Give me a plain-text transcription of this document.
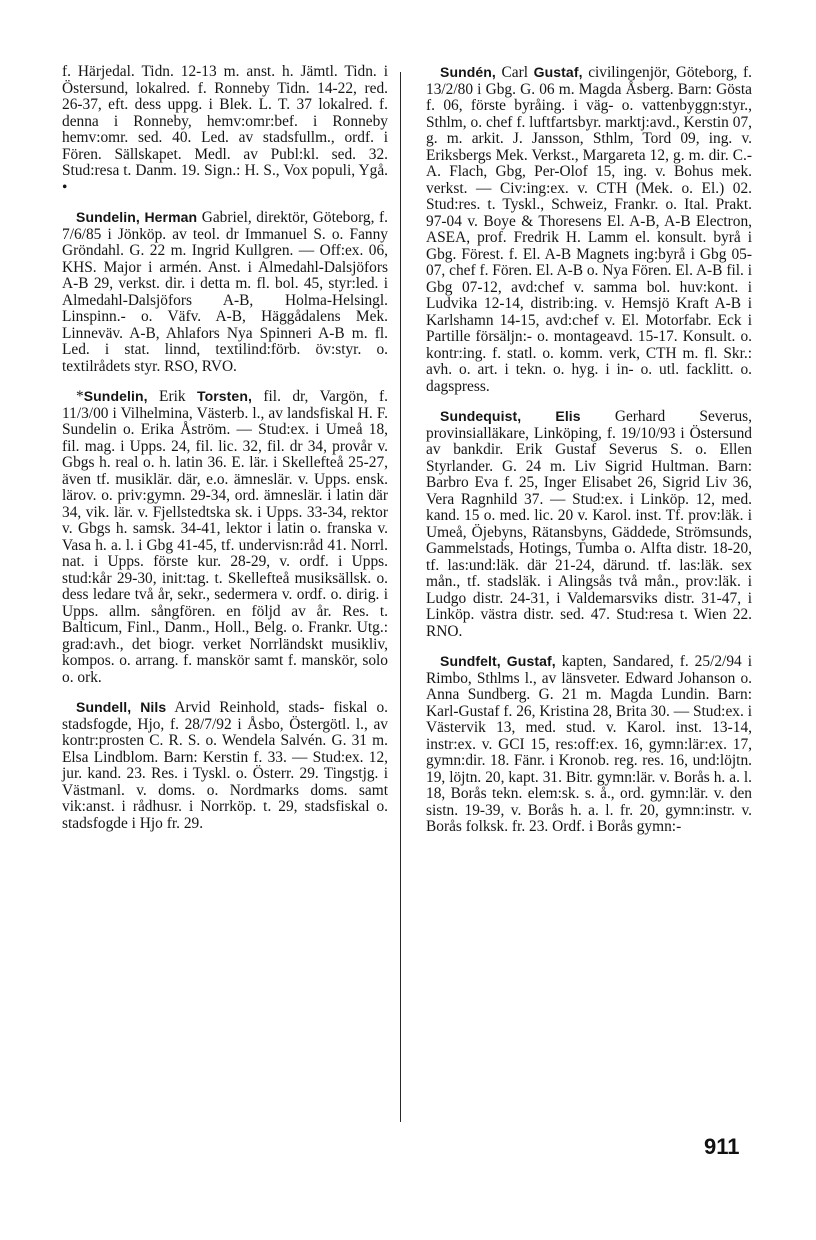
f. Härjedal. Tidn. 12-13 m. anst. h. Jämtl. Tidn. i Östersund, lokalred. f. Ronneby Tidn. 14-22, red. 26-37, eft. dess uppg. i Blek. L. T. 37 lokalred. f. denna i Ronneby, hemv:omr:bef. i Ronneby hemv:omr. sed. 40. Led. av stadsfullm., ordf. i Fören. Sällskapet. Medl. av Publ:kl. sed. 32. Stud:resa t. Danm. 19. Sign.: H. S., Vox populi, Ygå. •

Sundelin, Herman Gabriel, direktör, Göteborg, f. 7/6/85 i Jönköp. av teol. dr Immanuel S. o. Fanny Gröndahl. G. 22 m. Ingrid Kullgren. — Off:ex. 06, KHS. Major i armén. Anst. i Almedahl-Dalsjöfors A-B 29, verkst. dir. i detta m. fl. bol. 45, styr:led. i Almedahl-Dalsjöfors A-B, Holma-Helsingl. Linspinn.- o. Väfv. A-B, Häggådalens Mek. Linneväv. A-B, Ahlafors Nya Spinneri A-B m. fl. Led. i stat. linnd, textilind:förb. öv:styr. o. textilrådets styr. RSO, RVO.

*Sundelin, Erik Torsten, fil. dr, Vargön, f. 11/3/00 i Vilhelmina, Västerb. l., av landsfiskal H. F. Sundelin o. Erika Åström. — Stud:ex. i Umeå 18, fil. mag. i Upps. 24, fil. lic. 32, fil. dr 34, provår v. Gbgs h. real o. h. latin 36. E. lär. i Skellefteå 25-27, även tf. musiklär. där, e.o. ämneslär. v. Upps. ensk. lärov. o. priv:gymn. 29-34, ord. ämneslär. i latin där 34, vik. lär. v. Fjellstedtska sk. i Upps. 33-34, rektor v. Gbgs h. samsk. 34-41, lektor i latin o. franska v. Vasa h. a. l. i Gbg 41-45, tf. undervisn:råd 41. Norrl. nat. i Upps. förste kur. 28-29, v. ordf. i Upps. stud:kår 29-30, init:tag. t. Skellefteå musiksällsk. o. dess ledare två år, sekr., sedermera v. ordf. o. dirig. i Upps. allm. sångfören. en följd av år. Res. t. Balticum, Finl., Danm., Holl., Belg. o. Frankr. Utg.: grad:avh., det biogr. verket Norrländskt musikliv, kompos. o. arrang. f. manskör samt f. manskör, solo o. ork.

Sundell, Nils Arvid Reinhold, stads- fiskal o. stadsfogde, Hjo, f. 28/7/92 i Åsbo, Östergötl. l., av kontr:prosten C. R. S. o. Wendela Salvén. G. 31 m. Elsa Lindblom. Barn: Kerstin f. 33. — Stud:ex. 12, jur. kand. 23. Res. i Tyskl. o. Österr. 29. Tingstjg. i Västmanl. v. doms. o. Nordmarks doms. samt vik:anst. i rådhusr. i Norrköp. t. 29, stadsfiskal o. stadsfogde i Hjo fr. 29.

Sundén, Carl Gustaf, civilingenjör, Göteborg, f. 13/2/80 i Gbg. G. 06 m. Magda Åsberg. Barn: Gösta f. 06, förste byråing. i väg- o. vattenbyggn:styr., Sthlm, o. chef f. luftfartsbyr. marktj:avd., Kerstin 07, g. m. arkit. J. Jansson, Sthlm, Tord 09, ing. v. Eriksbergs Mek. Verkst., Margareta 12, g. m. dir. C.-A. Flach, Gbg, Per-Olof 15, ing. v. Bohus mek. verkst. — Civ:ing:ex. v. CTH (Mek. o. El.) 02. Stud:res. t. Tyskl., Schweiz, Frankr. o. Ital. Prakt. 97-04 v. Boye & Thoresens El. A-B, A-B Electron, ASEA, prof. Fredrik H. Lamm el. konsult. byrå i Gbg. Förest. f. El. A-B Magnets ing:byrå i Gbg 05-07, chef f. Fören. El. A-B o. Nya Fören. El. A-B fil. i Gbg 07-12, avd:chef v. samma bol. huv:kont. i Ludvika 12-14, distrib:ing. v. Hemsjö Kraft A-B i Karlshamn 14-15, avd:chef v. El. Motorfabr. Eck i Partille försäljn:- o. montageavd. 15-17. Konsult. o. kontr:ing. f. statl. o. komm. verk, CTH m. fl. Skr.: avh. o. art. i tekn. o. hyg. i in- o. utl. facklitt. o. dagspress.

Sundequist, Elis Gerhard Severus, provinsialläkare, Linköping, f. 19/10/93 i Östersund av bankdir. Erik Gustaf Severus S. o. Ellen Styrlander. G. 24 m. Liv Sigrid Hultman. Barn: Barbro Eva f. 25, Inger Elisabet 26, Sigrid Liv 36, Vera Ragnhild 37. — Stud:ex. i Linköp. 12, med. kand. 15 o. med. lic. 20 v. Karol. inst. Tf. prov:läk. i Umeå, Öjebyns, Rätansbyns, Gäddede, Strömsunds, Gammelstads, Hotings, Tumba o. Alfta distr. 18-20, tf. las:und:läk. där 21-24, därund. tf. las:läk. sex mån., tf. stadsläk. i Alingsås två mån., prov:läk. i Ludgo distr. 24-31, i Valdemarsviks distr. 31-47, i Linköp. västra distr. sed. 47. Stud:resa t. Wien 22. RNO.

Sundfelt, Gustaf, kapten, Sandared, f. 25/2/94 i Rimbo, Sthlms l., av länsveter. Edward Johanson o. Anna Sundberg. G. 21 m. Magda Lundin. Barn: Karl-Gustaf f. 26, Kristina 28, Brita 30. — Stud:ex. i Västervik 13, med. stud. v. Karol. inst. 13-14, instr:ex. v. GCI 15, res:off:ex. 16, gymn:lär:ex. 17, gymn:dir. 18. Fänr. i Kronob. reg. res. 16, und:löjtn. 19, löjtn. 20, kapt. 31. Bitr. gymn:lär. v. Borås h. a. l. 18, Borås tekn. elem:sk. s. å., ord. gymn:lär. v. den sistn. 19-39, v. Borås h. a. l. fr. 20, gymn:instr. v. Borås folksk. fr. 23. Ordf. i Borås gymn:-

911
